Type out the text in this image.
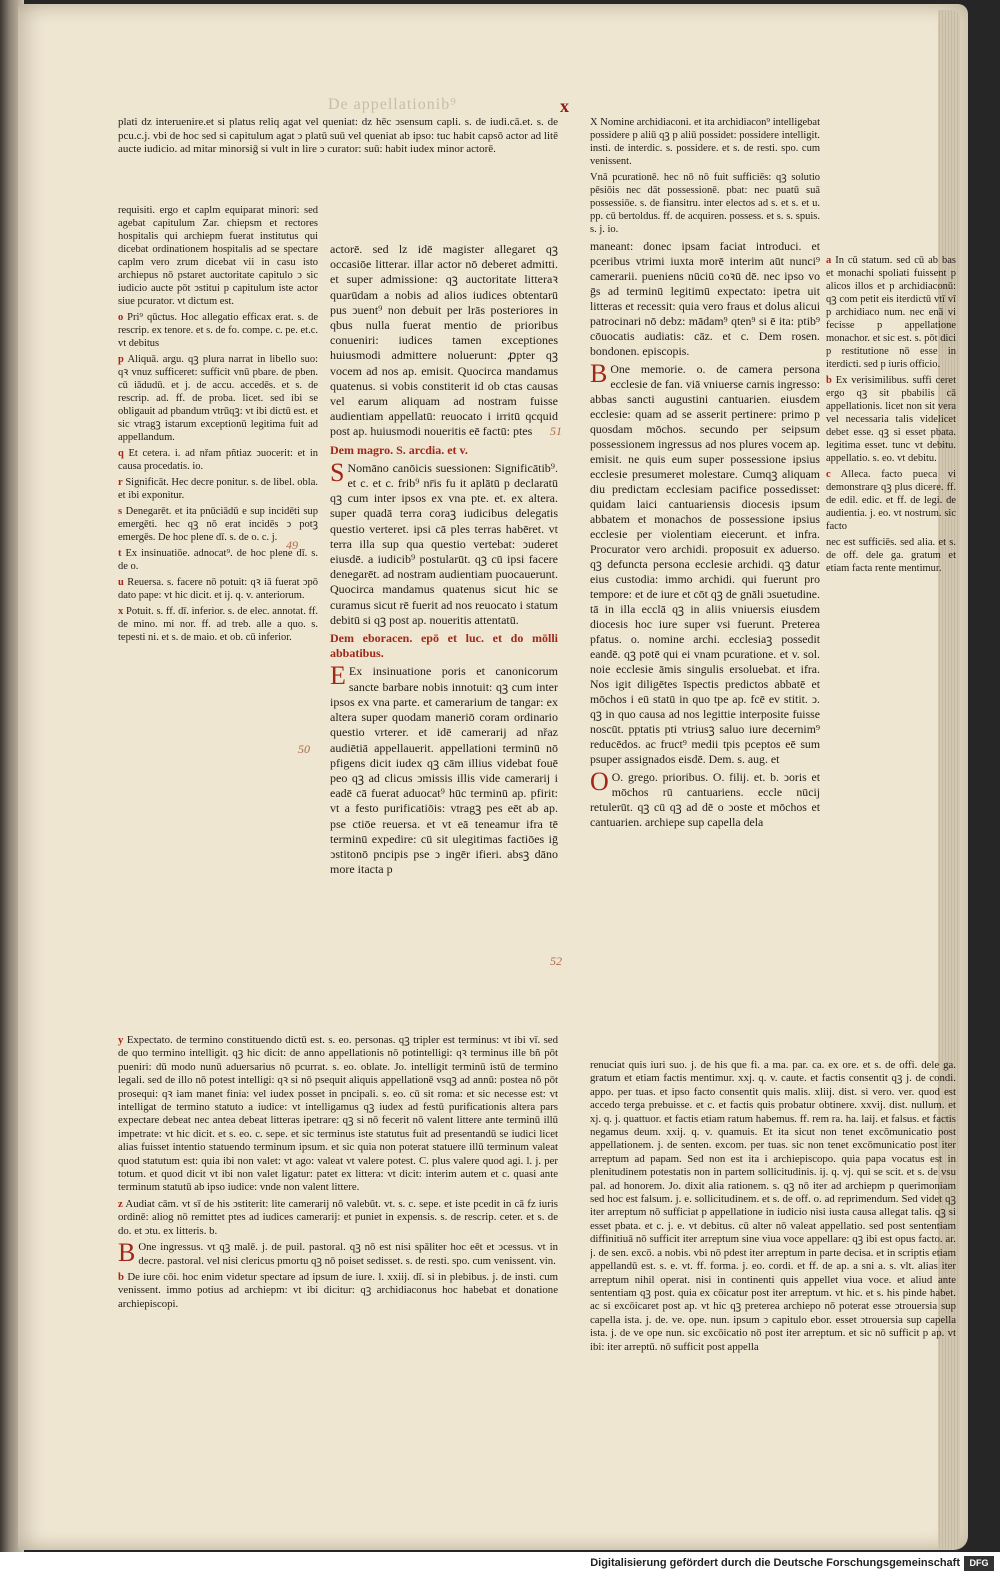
De appellationib⁹	x

plati dz interuenire.et si platus reliq agat vel queniat: dz hēc ↄsensum capli. s. de iudi.cā.et. s. de pcu.c.j. vbi de hoc sed si capitulum agat ↄ platū suū vel queniat ab ipso: tuc habit capsō actor ad litē aucte iudicio. ad mitar minorsiḡ si vult in lire ↄ curator: suū: habit iudex minor actorē.

requisiti. ergo et caplm equiparat minori: sed agebat capitulum Zar. chiepsm et rectores hospitalis qui archiepm fuerat institutus qui dicebat ordinationem hospitalis ad se spectare caplm vero zrum dicebat vii in casu isto archiepus nō pstaret auctoritate capitulo ↄ sic iudicio aucte pōt ↄstitui p capitulum iste actor siue pcurator. vt dictum est.

o Pri⁹ qūctus. Hoc allegatio efficax erat. s. de rescrip. ex tenore. et s. de fo. compe. c. pe. et.c. vt debitus

p Aliquā. argu. qꝫ plura narrat in libello suo: qꝛ vnuz sufficeret: sufficit vnū pbare. de pben. cū iādudū. et j. de accu. accedēs. et s. de rescrip. ad. ff. de proba. licet. sed ibi se obligauit ad pbandum vtrūqꝫ: vt ibi dictū est. et sic vtragꝫ istarum exceptionū legitima fuit ad appellandum.

q Et cetera. i. ad nřam pñtiaz ↄuocerit: et in causa procedatis. io.

r Significāt. Hec decre ponitur. s. de libel. obla. et ibi exponitur.

s Denegarēt. et ita pnūciādū e sup incidēti sup emergēti. hec qꝫ nō erat incidēs ↄ potꝫ emergēs. De hoc plene dī. s. de o. c. j.

t Ex insinuatiōe. adnocat⁹. de hoc plene dī. s. de o.

u Reuersa. s. facere nō potuit: qꝛ iā fuerat ↄpō dato pape: vt hic dicit. et ij. q. v. anteriorum.

x Potuit. s. ff. dī. inferior. s. de elec. annotat. ff. de mino. mi nor. ff. ad treb. alle a quo. s. tepesti ni. et s. de maio. et ob. cū inferior.

actorē. sed lz idē magister allegaret qꝫ occasiōe litterar. illar actor nō deberet admitti. et super admissione: qꝫ auctoritate litteraꝛ quarūdam a nobis ad alios iudices obtentarū pus ↄuent⁹ non debuit per lrās posteriores in qbus nulla fuerat mentio de prioribus conueniri: iudices tamen exceptiones huiusmodi admittere noluerunt: ꝓpter qꝫ vocem ad nos ap. emisit. Quocirca mandamus quatenus. si vobis constiterit id ob ctas causas vel earum aliquam ad nostram fuisse audientiam appellatū: reuocato i irritū qcquid post ap. huiusmodi noueritis eē factū: ptes

Dem magro. S. arcdia. et v.

S Nomāno canōicis suessionen: Significātib⁹. et c. et c. frib⁹ nr̄is fu it aplātū p declaratū qꝫ cum inter ipsos ex vna pte. et. ex altera. super quadā terra coraꝫ iudicibus delegatis questio verteret. ipsi cā ples terras habēret. vt terra illa sup qua questio vertebat: ↄuderet eiusdē. a iudicib⁹ postularūt. qꝫ cū ipsi facere denegarēt. ad nostram audientiam puocauerunt. Quocirca mandamus quatenus sicut hic se curamus sicut rē fuerit ad nos reuocato i statum debitū si qꝫ post ap. noueritis attentatū.

Dem eboracen. epō et luc. et do mōlli abbatibus.

E Ex insinuatione poris et canonicorum sancte barbare nobis innotuit: qꝫ cum inter ipsos ex vna parte. et camerarium de tangar: ex altera super quodam maneriō coram ordinario questio vrterer. et idē camerarij ad nřaz audiētiā appellauerit. appellationi terminū nō pfigens dicit iudex qꝫ cām illius videbat fouē peo qꝫ ad clicus ↄmissis illis vide camerarij i eadē cā fuerat aduocat⁹ hūc terminū ap. pfirit: vt a festo purificatiōis: vtragꝫ pes eēt ab ap. pse ctiōe reuersa. et vt eā teneamur ifra tē terminū expedire: cū sit ulegitimas factiōes iḡ ↄstitonō pncipis pse ↄ ingēr ifieri. absꝫ dāno more itacta p

X Nomine archidiaconi. et ita archidiacon⁹ intelligebat possidere p aliū qꝫ p aliū possidet: possidere intelligit. insti. de interdic. s. possidere. et s. de resti. spo. cum venissent.

Vnā pcurationē. hec nō nō fuit sufficiēs: qꝫ solutio pēsiōis nec dāt possessionē. pbat: nec puatū suā possessiōe. s. de fiansitru. inter electos ad s. et s. et u. pp. cū bertoldus. ff. de acquiren. possess. et s. s. spuis. s. j. io.

maneant: donec ipsam faciat introduci. et pceribus vtrimi iuxta morē interim aūt nunci⁹ camerarii. pueniens nūciū coꝛū dē. nec ipso vo ḡs ad terminū legitimū expectato: ipetra uit litteras et recessit: quia vero fraus et dolus alicui patrocinari nō debz: mādam⁹ qten⁹ si ē ita: ptib⁹ cōuocatis audiatis: cāz. et c. Dem rosen. bondonen. episcopis.

B One memorie. o. de camera persona ecclesie de fan. viā vniuerse carnis ingresso: abbas sancti augustini cantuarien. eiusdem ecclesie: quam ad se asserit pertinere: primo p quosdam mōchos. secundo per seipsum possessionem ingressus ad nos plures vocem ap. emisit. ne quis eum super possessione ipsius ecclesie presumeret molestare. Cumqꝫ aliquam diu predictam ecclesiam pacifice possedisset: quidam laici cantuariensis diocesis ipsum abbatem et monachos de possessione ipsius ecclesie per violentiam eiecerunt. et infra. Procurator vero archidi. proposuit ex aduerso. qꝫ defuncta persona ecclesie archidi. qꝫ datur eius custodia: immo archidi. qui fuerunt pro tempore: et de iure et cōt qꝫ de gnāli ↄsuetudine. tā in illa ecclā qꝫ in aliis vniuersis eiusdem diocesis hoc iure super vsi fuerunt. Preterea pfatus. o. nomine archi. ecclesiaꝫ possedit eandē. qꝫ potē qui ei vnam pcuratione. et v. sol. noie ecclesie āmis singulis ersoluebat. et ifra. Nos igit diligētes īspectis predictos abbatē et mōchos i eū statū in quo tpe ap. fcē ev stitit. ↄ. qꝫ in quo causa ad nos legittie interposite fuisse noscūt. pptatis pti vtriusꝫ saluo iure decernim⁹ reducēdos. ac fruct⁹ medii tpis pceptos eē sum psuper assignados eisdē. Dem. s. aug. et

O O. grego. prioribus. O. filij. et. b. ↄoris et mōchos rū cantuariens. eccle nūcij retulerūt. qꝫ cū qꝫ ad dē o ↄoste et mōchos et cantuarien. archiepe sup capella dela

a In cū statum. sed cū ab bas et monachi spoliati fuissent p alicos illos et p archidiaconū: qꝫ com petit eis iterdictū vtī vī p archidiaco num. nec enā vi fecisse p appellatione monachor. et sic est. s. pōt dici p restitutione nō esse in iterdicti. sed p iuris officio.

b Ex verisimilibus. suffi ceret ergo qꝫ sit pbabilis cā appellationis. licet non sit vera vel necessaria talis videlicet debet esse. qꝫ si esset pbata. legitima esset. tunc vt debitu. appellatio. s. eo. vt debitu.

c Alleca. facto pueca vi demonstrare qꝫ plus dicere. ff. de edil. edic. et ff. de legi. de audientia. j. eo. vt nostrum. sic facto

nec est sufficiēs. sed alia. et s. de off. dele ga. gratum et etiam facta rente mentimur.

y Expectato. de termino constituendo dictū est. s. eo. personas. qꝫ tripler est terminus: vt ibi vī. sed de quo termino intelligit. qꝫ hic dicit: de anno appellationis nō potintelligi: qꝛ terminus ille bñ pōt pueniri: dū modo nunū aduersarius nō pcurrat. s. eo. oblate. Jo. intelligit terminū istū de termino legali. sed de illo nō potest intelligi: qꝛ si nō psequit aliquis appellationē vsqꝫ ad annū: postea nō pōt prosequi: qꝛ iam manet finia: vel iudex posset in pncipali. s. eo. cū sit roma: et sic necesse est: vt intelligat de termino statuto a iudice: vt intelligamus qꝫ iudex ad festū purificationis altera pars expectare debeat nec antea debeat litteras ipetrare: qꝫ si nō fecerit nō valent littere ante terminū illū impetrate: vt hic dicit. et s. eo. c. sepe. et sic terminus iste statutus fuit ad presentandū se iudici licet alias fuisset intentio statuendo terminum ipsum. et sic quia non poterat statuere illū terminum valeat quod statutum est: quia ibi non valet: vt ago: valeat vt valere potest. C. plus valere quod agi. l. j. per totum. et quod dicit vt ibi non valet ligatur: patet ex littera: vt dicit: interim autem et c. quasi ante terminum statutū ab ipso iudice: vnde non valent littere.

z Audiat cām. vt sī de his ↄstiterit: lite camerarij nō valebūt. vt. s. c. sepe. et iste pcedit in cā fz iuris ordinē: aliog nō remittet ptes ad iudices camerarij: et puniet in expensis. s. de rescrip. ceter. et s. de do. et ↄtu. ex litteris. b.

B One ingressus. vt qꝫ malē. j. de puil. pastoral. qꝫ nō est nisi spāliter hoc eēt et ↄcessus. vt in decre. pastoral. vel nisi clericus pmortu qꝫ nō poiset sedisset. s. de resti. spo. cum venissent. vin.

b De iure cōi. hoc enim videtur spectare ad ipsum de iure. l. xxiij. dī. si in plebibus. j. de insti. cum venissent. immo potius ad archiepm: vt ibi dicitur: qꝫ archidiaconus hoc habebat et donatione archiepiscopi.

renuciat quis iuri suo. j. de his que fi. a ma. par. ca. ex ore. et s. de offi. dele ga. gratum et etiam factis mentimur. xxj. q. v. caute. et factis consentit qꝫ j. de condi. appo. per tuas. et ipso facto consentit quis malis. xliij. dist. si vero. ver. quod est accedo terga prebuisse. et c. et factis quis probatur obtinere. xxvij. dist. nullum. et xj. q. j. quattuor. et factis etiam ratum habemus. ff. rem ra. ha. laij. et falsus. et factis negamus deum. xxij. q. v. quamuis. Et ita sicut non tenet excōmunicatio post appellationem. j. de senten. excom. per tuas. sic non tenet excōmunicatio post iter arreptum ad papam. Sed non est ita i archiepiscopo. quia papa vocatus est in plenitudinem potestatis non in partem sollicitudinis. ij. q. vj. qui se scit. et s. de vsu pal. ad honorem. Jo. dixit alia rationem. s. qꝫ nō iter ad archiepm p querimoniam sed hoc est falsum. j. e. sollicitudinem. et s. de off. o. ad reprimendum. Sed videt qꝫ iter arreptum nō sufficiat p appellatione in iudicio nisi iusta causa allegat talis. qꝫ si esset pbata. et c. j. e. vt debitus. cū alter nō valeat appellatio. sed post sententiam diffinitiuā nō sufficit iter arreptum sine viua voce appellare: qꝫ ibi est opus facto. ar. j. de sen. excō. a nobis. vbi nō pdest iter arreptum in parte decisa. et in scriptis etiam appellandū est. s. e. vt. ff. forma. j. eo. cordi. et ff. de ap. a sni a. s. vlt. alias iter arreptum nihil operat. nisi in continenti quis appellet viua voce. et aliud ante sententiam qꝫ post. quia ex cōicatur post iter arreptum. vt hic. et s. his pinde habet. ac si excōicaret post ap. vt hic qꝫ preterea archiepo nō poterat esse ↄtrouersia sup capella ista. j. de. ve. ope. nun. ipsum ↄ capitulo ebor. esset ↄtrouersia sup capella ista. j. de ve ope nun. sic excōicatio nō post iter arreptum. et sic nō sufficit p ap. vt ibi: iter arreptū. nō sufficit post appella

49
50
51
52
Digitalisierung gefördert durch die Deutsche Forschungsgemeinschaft	DFG
